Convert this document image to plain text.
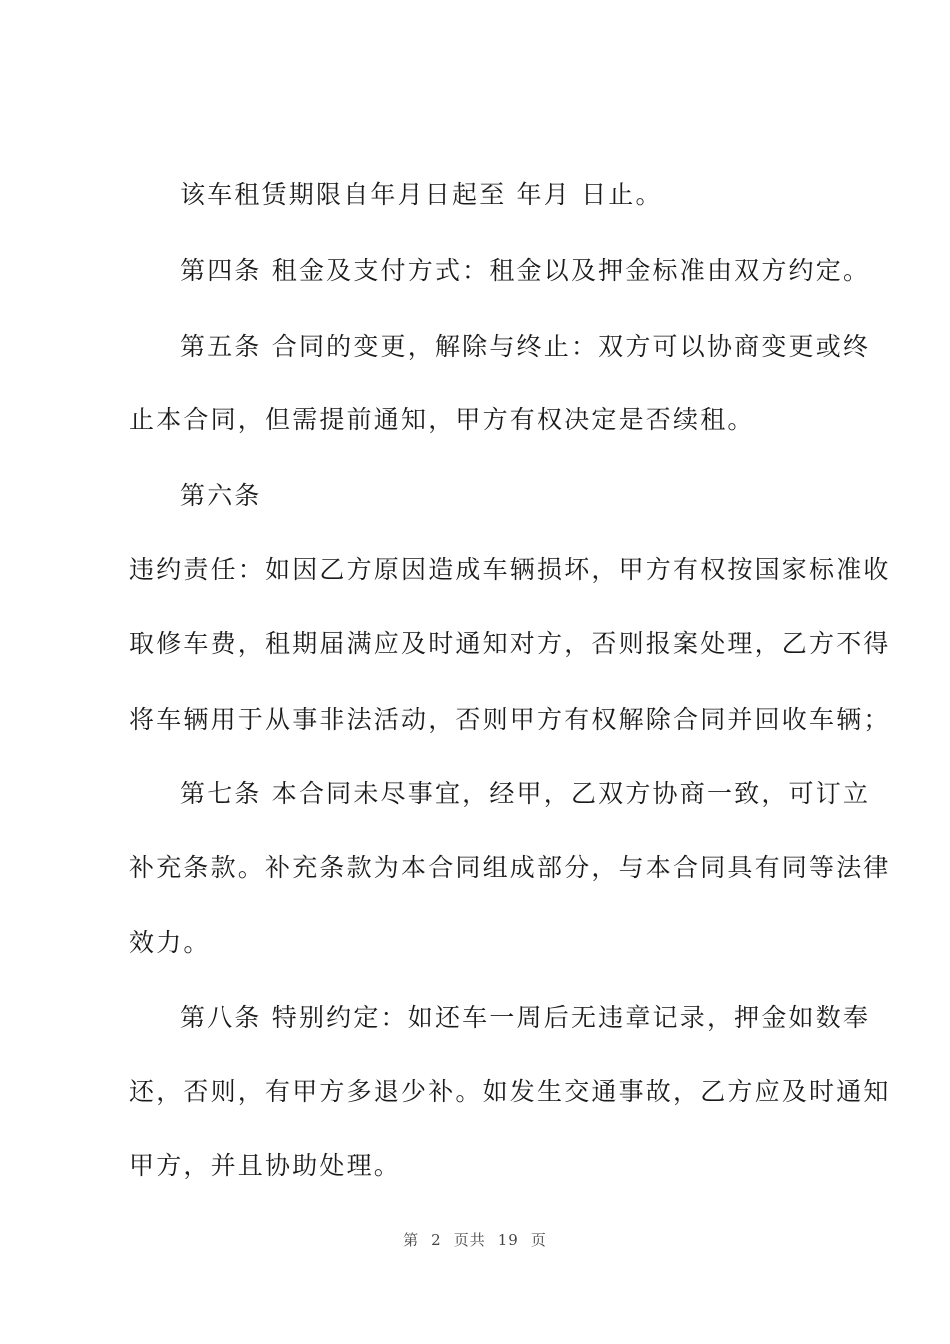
该车租赁期限自年月日起至 年月 日止。
第四条 租金及支付方式：租金以及押金标准由双方约定。
第五条 合同的变更，解除与终止：双方可以协商变更或终
止本合同，但需提前通知，甲方有权决定是否续租。
第六条
违约责任：如因乙方原因造成车辆损坏，甲方有权按国家标准收
取修车费，租期届满应及时通知对方，否则报案处理，乙方不得
将车辆用于从事非法活动，否则甲方有权解除合同并回收车辆；
第七条 本合同未尽事宜，经甲，乙双方协商一致，可订立
补充条款。补充条款为本合同组成部分，与本合同具有同等法律
效力。
第八条 特别约定：如还车一周后无违章记录，押金如数奉
还，否则，有甲方多退少补。如发生交通事故，乙方应及时通知
甲方，并且协助处理。
第 2 页共 19 页
